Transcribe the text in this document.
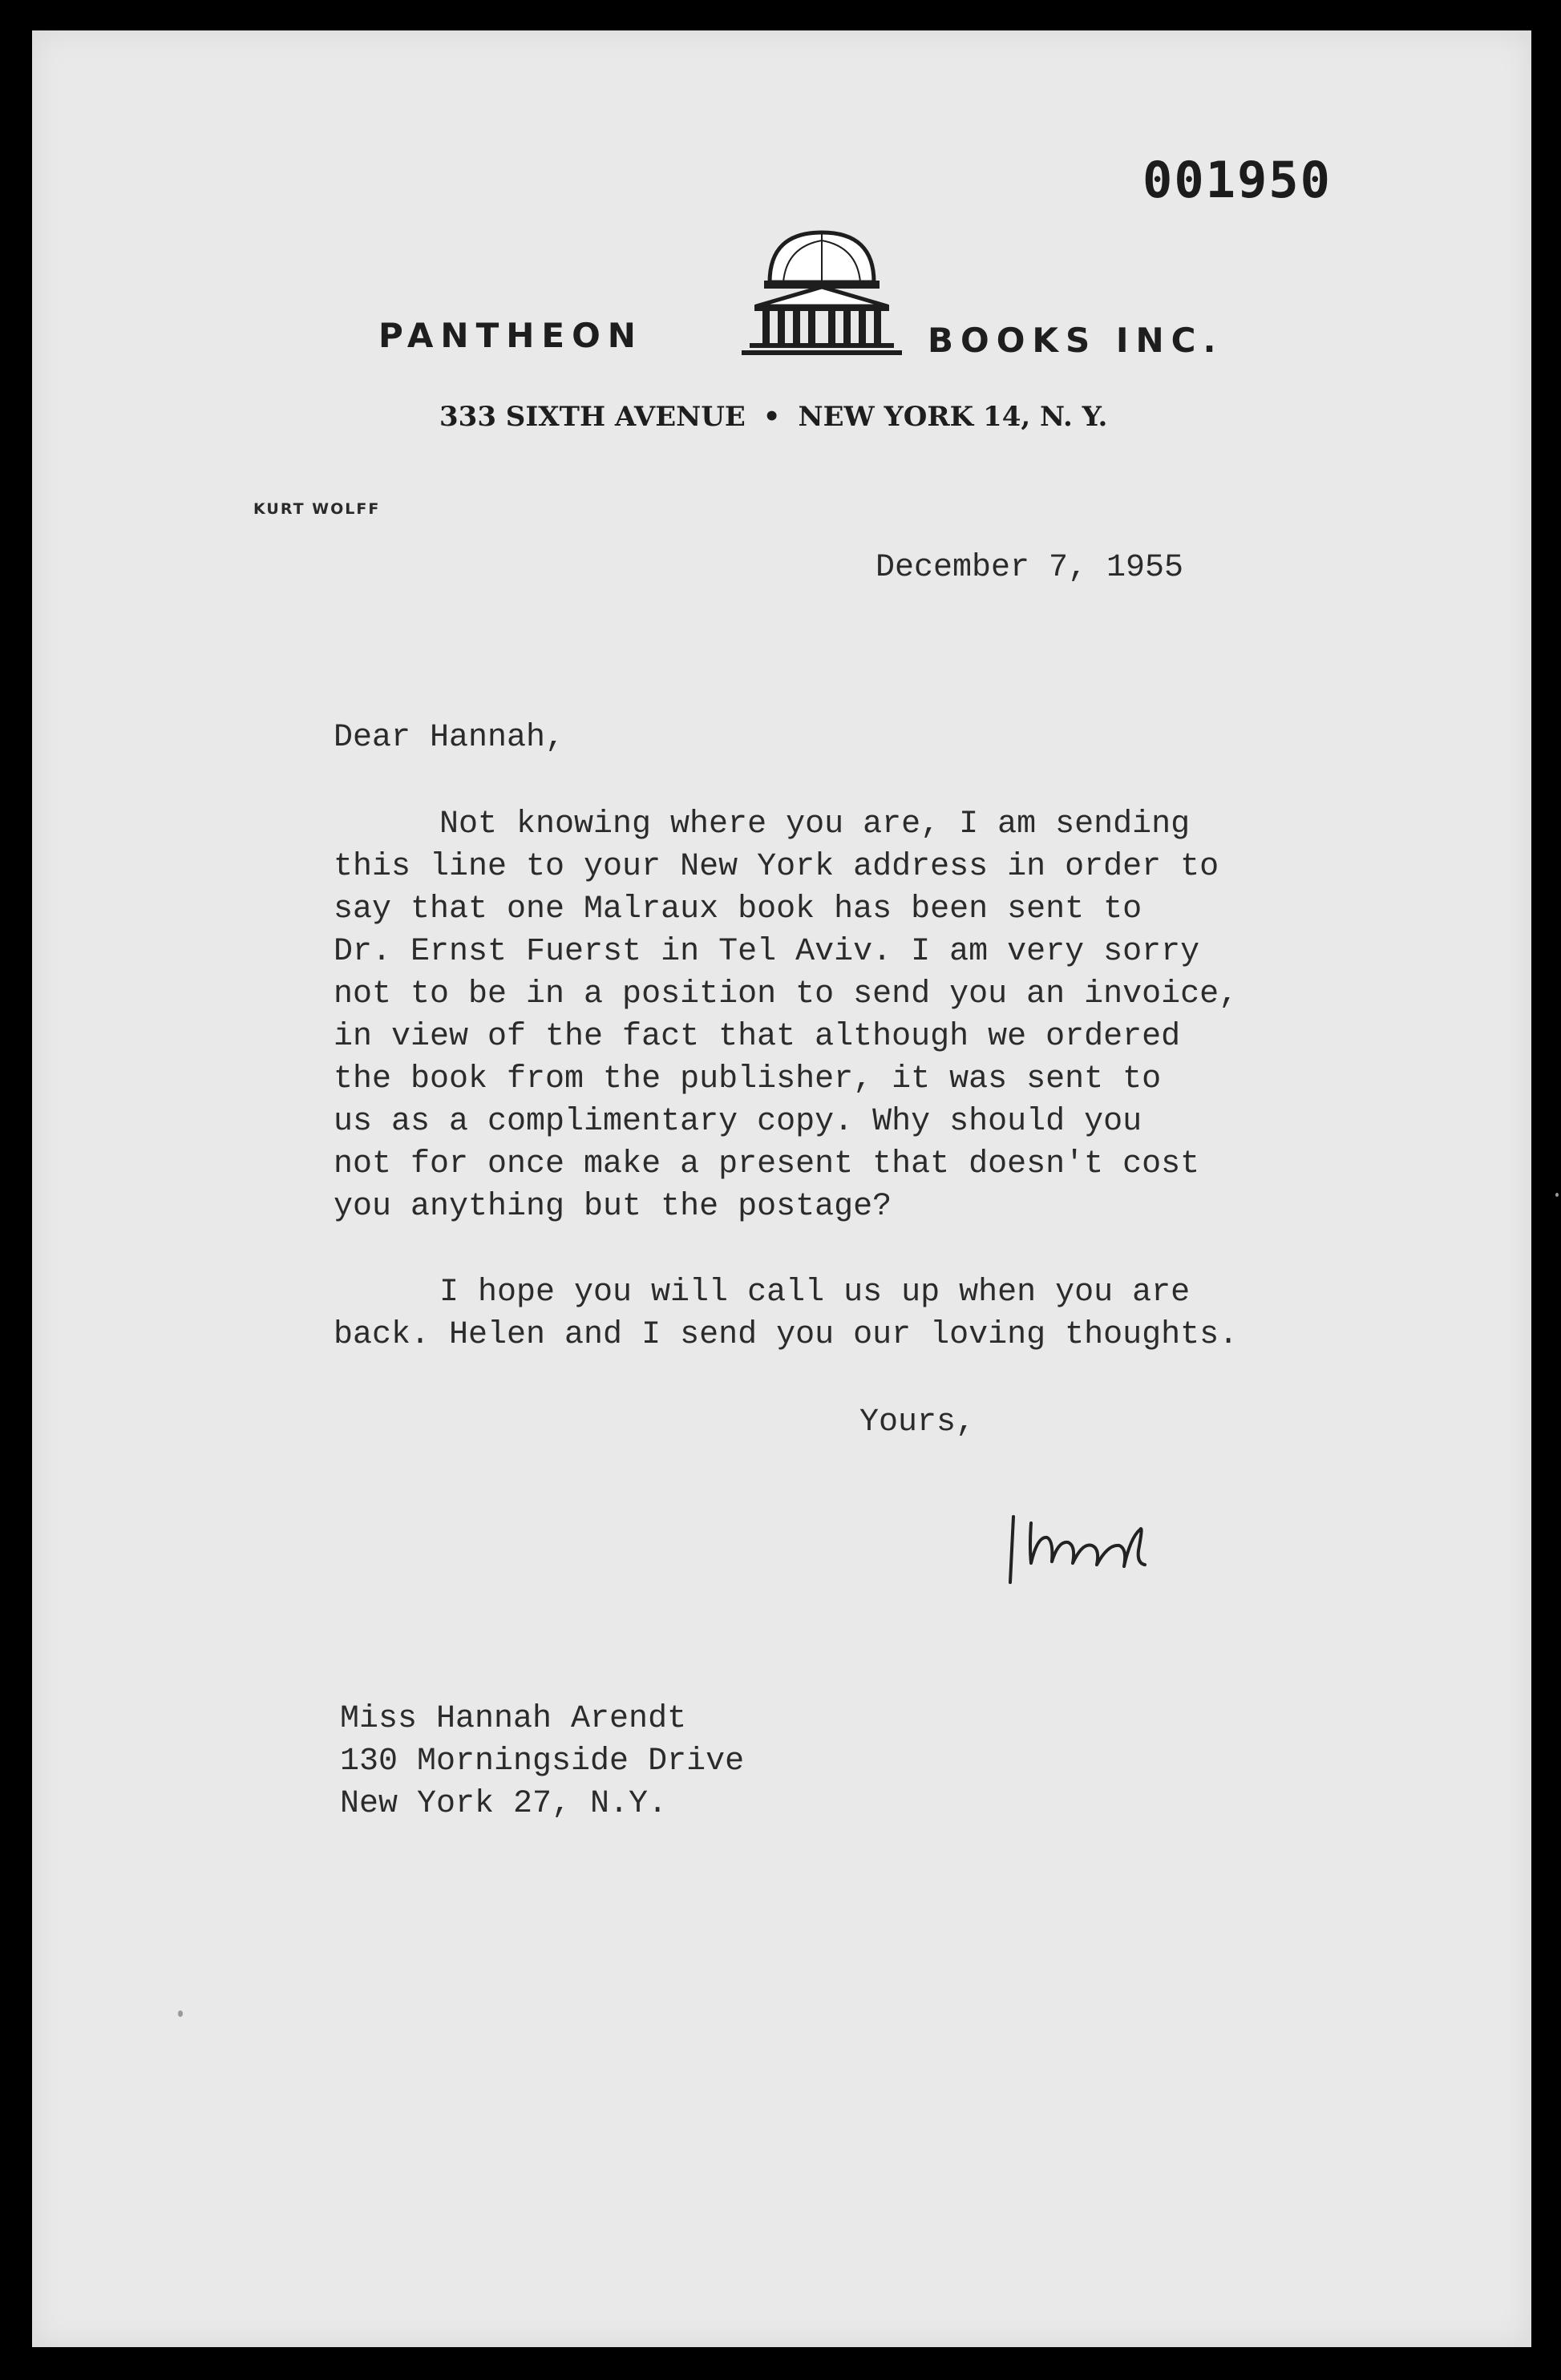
001950
PANTHEON	BOOKS INC.
333 SIXTH AVENUE • NEW YORK 14, N. Y.
KURT WOLFF
December 7, 1955
Dear Hannah,
Not knowing where you are, I am sending
this line to your New York address in order to
say that one Malraux book has been sent to
Dr. Ernst Fuerst in Tel Aviv. I am very sorry
not to be in a position to send you an invoice,
in view of the fact that although we ordered
the book from the publisher, it was sent to
us as a complimentary copy. Why should you
not for once make a present that doesn't cost
you anything but the postage?
I hope you will call us up when you are
back. Helen and I send you our loving thoughts.
Yours,
Miss Hannah Arendt
130 Morningside Drive
New York 27, N.Y.
